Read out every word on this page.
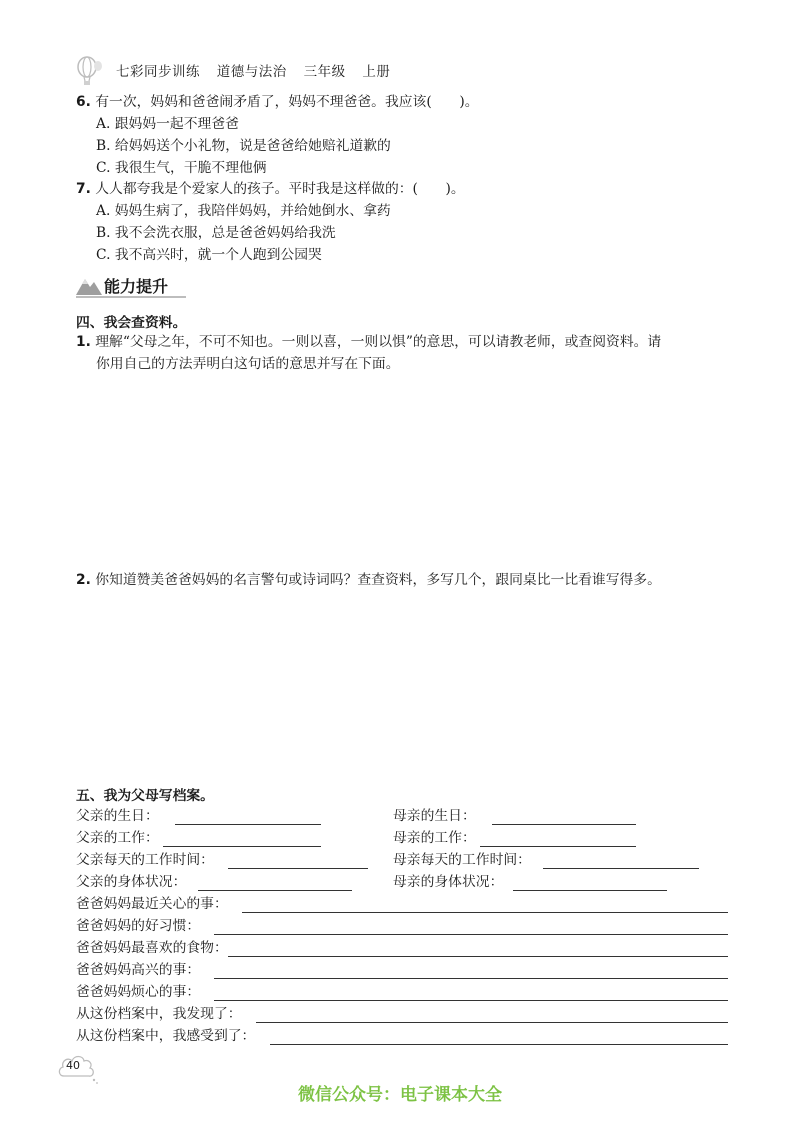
七彩同步训练 道德与法治 三年级 上册
6. 有一次，妈妈和爸爸闹矛盾了，妈妈不理爸爸。我应该(　　)。
A. 跟妈妈一起不理爸爸
B. 给妈妈送个小礼物，说是爸爸给她赔礼道歉的
C. 我很生气，干脆不理他俩
7. 人人都夸我是个爱家人的孩子。平时我是这样做的：(　　)。
A. 妈妈生病了，我陪伴妈妈，并给她倒水、拿药
B. 我不会洗衣服，总是爸爸妈妈给我洗
C. 我不高兴时，就一个人跑到公园哭
能力提升
四、我会查资料。
1. 理解“父母之年，不可不知也。一则以喜，一则以惧”的意思，可以请教老师，或查阅资料。请
你用自己的方法弄明白这句话的意思并写在下面。
2. 你知道赞美爸爸妈妈的名言警句或诗词吗？查查资料，多写几个，跟同桌比一比看谁写得多。
五、我为父母写档案。
父亲的生日：	母亲的生日：
父亲的工作：	母亲的工作：
父亲每天的工作时间：	母亲每天的工作时间：
父亲的身体状况：	母亲的身体状况：
爸爸妈妈最近关心的事：
爸爸妈妈的好习惯：
爸爸妈妈最喜欢的食物：
爸爸妈妈高兴的事：
爸爸妈妈烦心的事：
从这份档案中，我发现了：
从这份档案中，我感受到了：
40
微信公众号：电子课本大全
